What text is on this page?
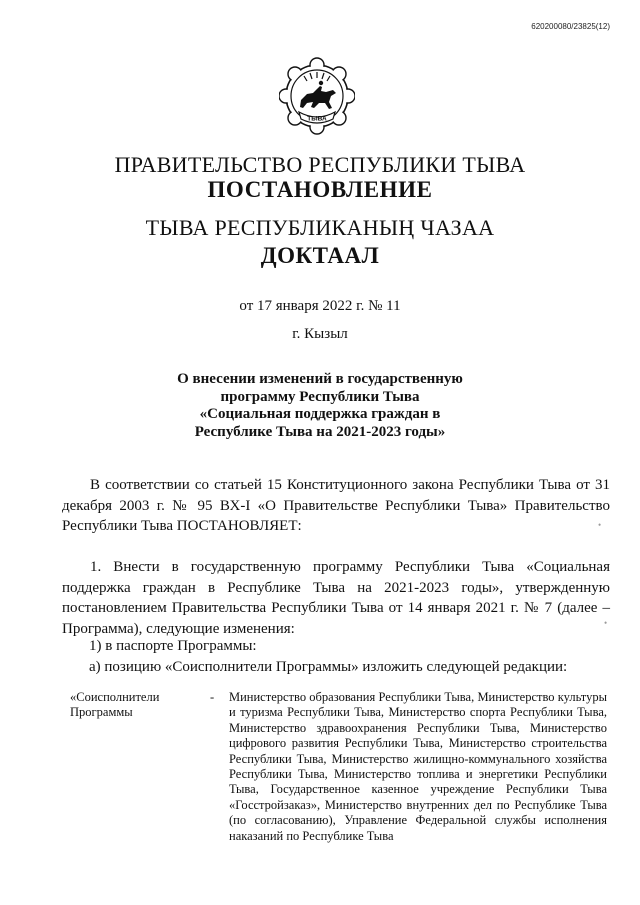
620200080/23825(12)
ТЫВА
ПРАВИТЕЛЬСТВО РЕСПУБЛИКИ ТЫВА
ПОСТАНОВЛЕНИЕ
ТЫВА РЕСПУБЛИКАНЫҢ ЧАЗАА
ДОКТААЛ
от 17 января 2022 г. № 11
г. Кызыл
О внесении изменений в государственную
программу Республики Тыва
«Социальная поддержка граждан в
Республике Тыва на 2021-2023 годы»
В соответствии со статьей 15 Конституционного закона Республики Тыва от 31 декабря 2003 г. № 95 ВХ-I «О Правительстве Республики Тыва» Правительство Республики Тыва ПОСТАНОВЛЯЕТ:
1. Внести в государственную программу Республики Тыва «Социальная поддержка граждан в Республике Тыва на 2021-2023 годы», утвержденную постановлением Правительства Республики Тыва от 14 января 2021 г. № 7 (далее – Программа), следующие изменения:
1) в паспорте Программы:
а) позицию «Соисполнители Программы» изложить следующей редакции:
«Соисполнители Программы
- Министерство образования Республики Тыва, Министерство культуры и туризма Республики Тыва, Министерство спорта Республики Тыва, Министерство здравоохранения Республики Тыва, Министерство цифрового развития Республики Тыва, Министерство строительства Республики Тыва, Министерство жилищно-коммунального хозяйства Республики Тыва, Министерство топлива и энергетики Республики Тыва, Государственное казенное учреждение Республики Тыва «Госстройзаказ», Министерство внутренних дел по Республике Тыва (по согласованию), Управление Федеральной службы исполнения наказаний по Республике Тыва
•
•
